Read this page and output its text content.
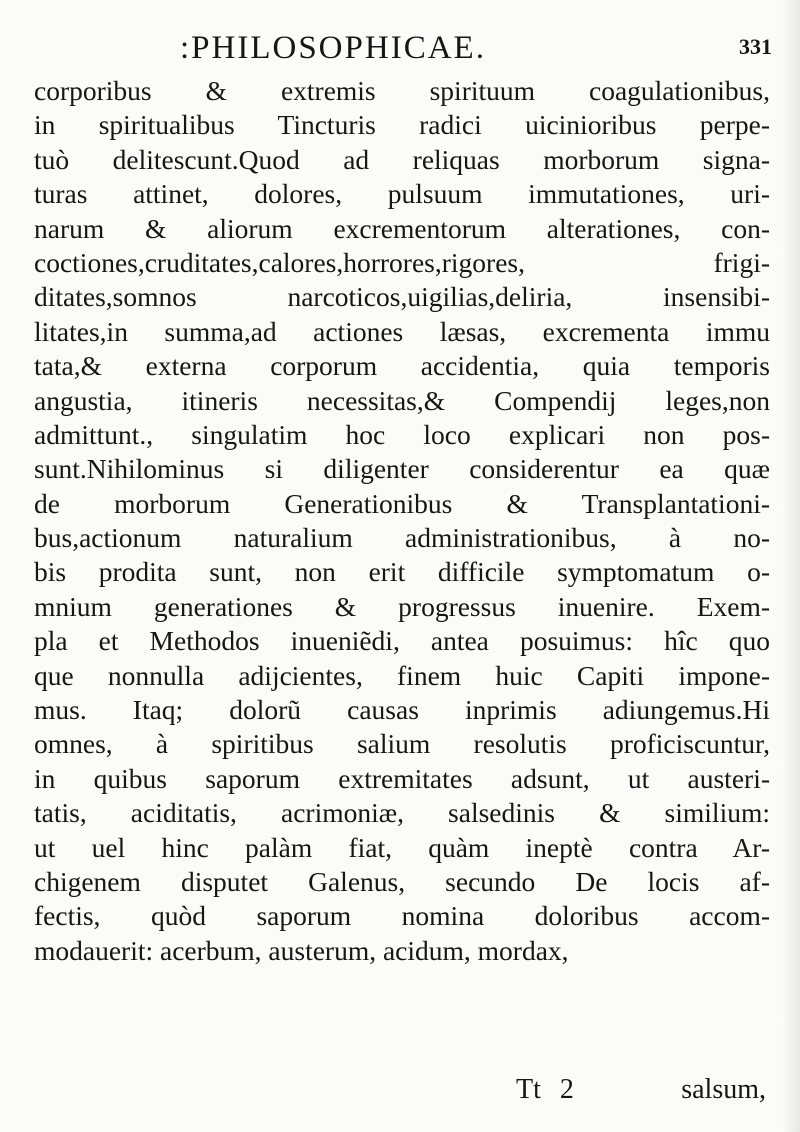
:PHILOSOPHICAE.	331
corporibus & extremis spirituum coagulationibus,
in spiritualibus Tincturis radici uicinioribus perpe-
tuò delitescunt.Quod ad reliquas morborum signa-
turas attinet, dolores, pulsuum immutationes, uri-
narum & aliorum excrementorum alterationes, con-
coctiones,cruditates,calores,horrores,rigores, frigi-
ditates,somnos narcoticos,uigilias,deliria, insensibi-
litates,in summa,ad actiones læsas, excrementa immu
tata,& externa corporum accidentia, quia temporis
angustia, itineris necessitas,& Compendij leges,non
admittunt., singulatim hoc loco explicari non pos-
sunt.Nihilominus si diligenter considerentur ea quæ
de morborum Generationibus & Transplantationi-
bus,actionum naturalium administrationibus, à no-
bis prodita sunt, non erit difficile symptomatum o-
mnium generationes & progressus inuenire. Exem-
pla et Methodos inueniẽdi, antea posuimus: hîc quo
que nonnulla adijcientes, finem huic Capiti impone-
mus. Itaq; dolorũ causas inprimis adiungemus.Hi
omnes, à spiritibus salium resolutis proficiscuntur,
in quibus saporum extremitates adsunt, ut austeri-
tatis, aciditatis, acrimoniæ, salsedinis & similium:
ut uel hinc palàm fiat, quàm ineptè contra Ar-
chigenem disputet Galenus, secundo De locis af-
fectis, quòd saporum nomina doloribus accom-
modauerit: acerbum, austerum, acidum, mordax,
Tt 2	salsum,
